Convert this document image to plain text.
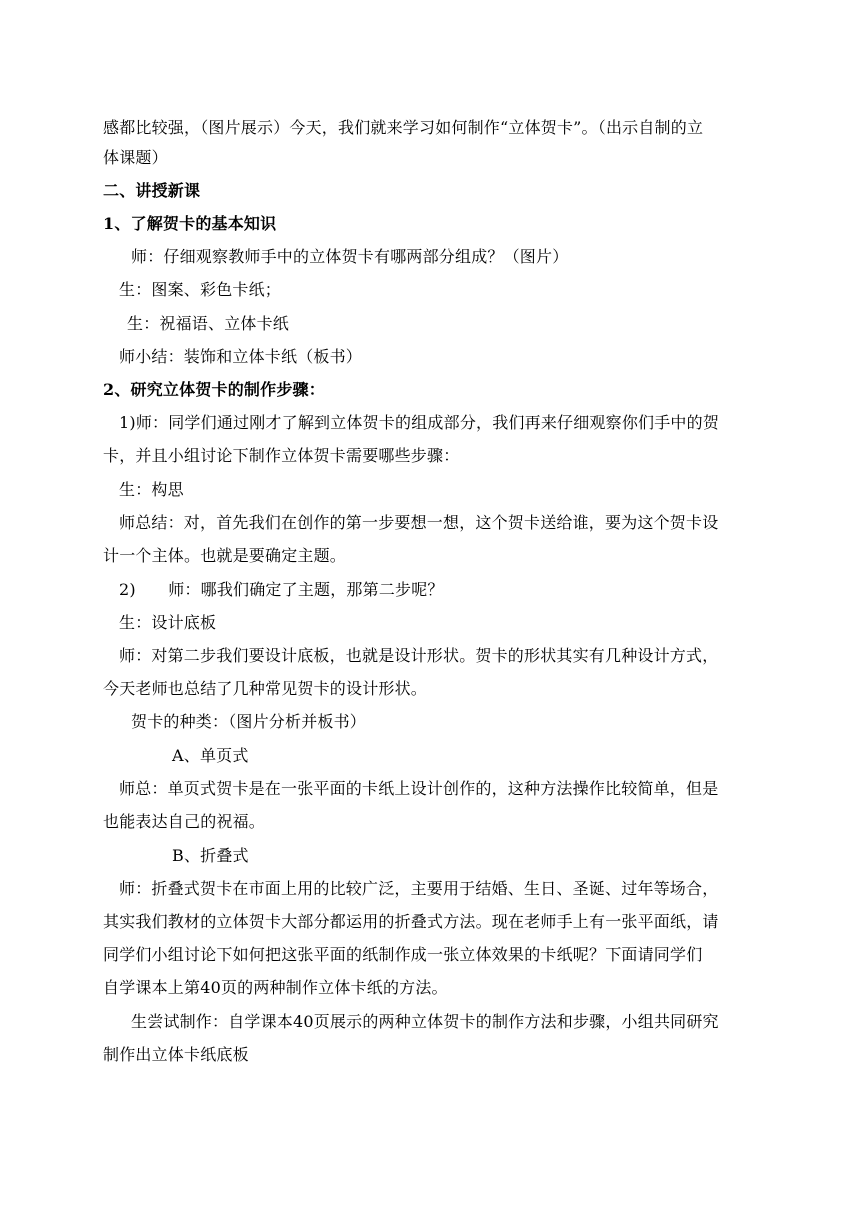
感都比较强，（图片展示）今天，我们就来学习如何制作“立体贺卡”。（出示自制的立
体课题）
二、讲授新课
1、了解贺卡的基本知识
师：仔细观察教师手中的立体贺卡有哪两部分组成？（图片）
生：图案、彩色卡纸；
生：祝福语、立体卡纸
师小结：装饰和立体卡纸（板书）
2、研究立体贺卡的制作步骤：
1)师：同学们通过刚才了解到立体贺卡的组成部分，我们再来仔细观察你们手中的贺
卡，并且小组讨论下制作立体贺卡需要哪些步骤：
生：构思
师总结：对，首先我们在创作的第一步要想一想，这个贺卡送给谁，要为这个贺卡设
计一个主体。也就是要确定主题。
2)　　师：哪我们确定了主题，那第二步呢？
生：设计底板
师：对第二步我们要设计底板，也就是设计形状。贺卡的形状其实有几种设计方式，
今天老师也总结了几种常见贺卡的设计形状。
贺卡的种类：（图片分析并板书）
A、单页式
师总：单页式贺卡是在一张平面的卡纸上设计创作的，这种方法操作比较简单，但是
也能表达自己的祝福。
B、折叠式
师：折叠式贺卡在市面上用的比较广泛，主要用于结婚、生日、圣诞、过年等场合，
其实我们教材的立体贺卡大部分都运用的折叠式方法。现在老师手上有一张平面纸，请
同学们小组讨论下如何把这张平面的纸制作成一张立体效果的卡纸呢？下面请同学们
自学课本上第40页的两种制作立体卡纸的方法。
生尝试制作：自学课本40页展示的两种立体贺卡的制作方法和步骤，小组共同研究
制作出立体卡纸底板
